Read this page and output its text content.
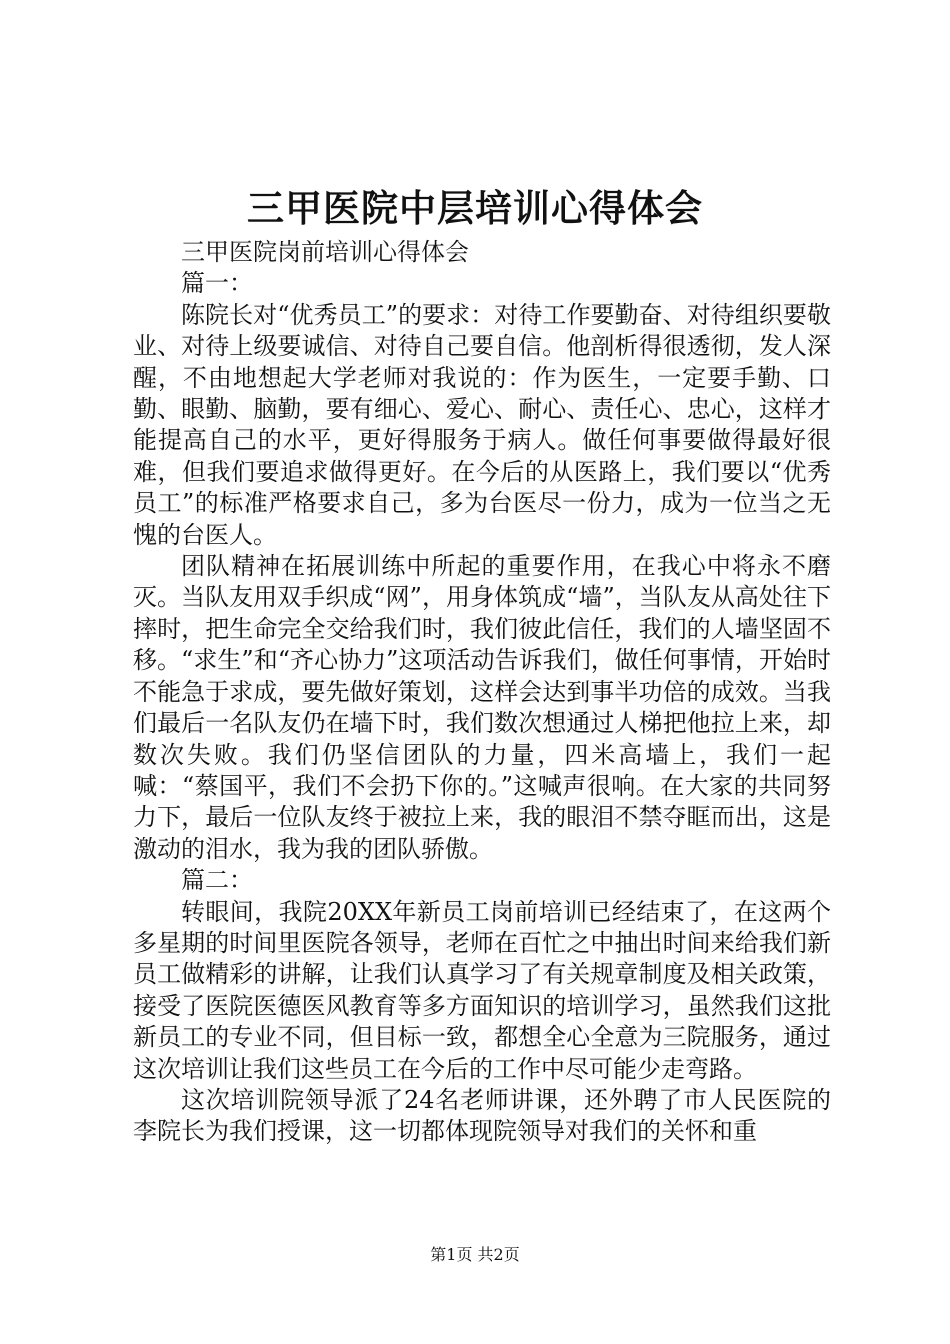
三甲医院中层培训心得体会

三甲医院岗前培训心得体会

篇一：

陈院长对“优秀员工”的要求：对待工作要勤奋、对待组织要敬业、对待上级要诚信、对待自己要自信。他剖析得很透彻，发人深醒，不由地想起大学老师对我说的：作为医生，一定要手勤、口勤、眼勤、脑勤，要有细心、爱心、耐心、责任心、忠心，这样才能提高自己的水平，更好得服务于病人。做任何事要做得最好很难，但我们要追求做得更好。在今后的从医路上，我们要以“优秀员工”的标准严格要求自己，多为台医尽一份力，成为一位当之无愧的台医人。

团队精神在拓展训练中所起的重要作用，在我心中将永不磨灭。当队友用双手织成“网”，用身体筑成“墙”，当队友从高处往下摔时，把生命完全交给我们时，我们彼此信任，我们的人墙坚固不移。“求生”和“齐心协力”这项活动告诉我们，做任何事情，开始时不能急于求成，要先做好策划，这样会达到事半功倍的成效。当我们最后一名队友仍在墙下时，我们数次想通过人梯把他拉上来，却数次失败。我们仍坚信团队的力量，四米高墙上，我们一起喊：“蔡国平，我们不会扔下你的。”这喊声很响。在大家的共同努力下，最后一位队友终于被拉上来，我的眼泪不禁夺眶而出，这是激动的泪水，我为我的团队骄傲。

篇二：

转眼间，我院20XX年新员工岗前培训已经结束了，在这两个多星期的时间里医院各领导，老师在百忙之中抽出时间来给我们新员工做精彩的讲解，让我们认真学习了有关规章制度及相关政策，接受了医院医德医风教育等多方面知识的培训学习，虽然我们这批新员工的专业不同，但目标一致，都想全心全意为三院服务，通过这次培训让我们这些员工在今后的工作中尽可能少走弯路。

这次培训院领导派了24名老师讲课，还外聘了市人民医院的李院长为我们授课，这一切都体现院领导对我们的关怀和重

第1页 共2页
